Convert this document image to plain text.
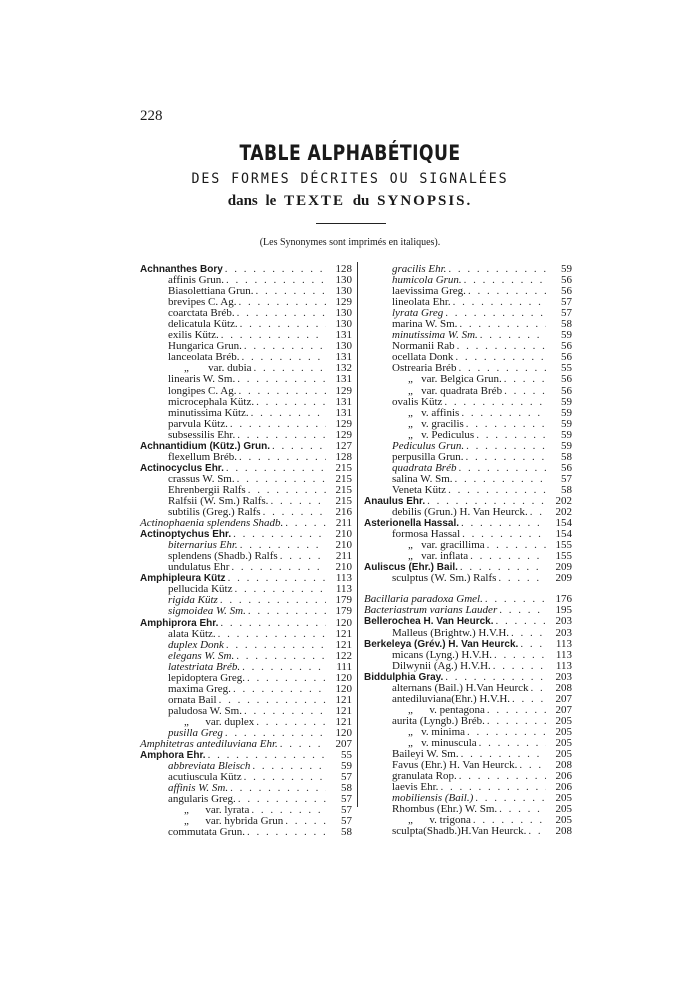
228
TABLE ALPHABÉTIQUE
DES FORMES DÉCRITES OU SIGNALÉES
dans le TEXTE du SYNOPSIS.
(Les Synonymes sont imprimés en italiques).
Achnanthes Bory . . .	128
affinis Grun. . . .	130
Biasolettiana Grun. . . .	130
brevipes C. Ag. . . .	129
coarctata Bréb. . . .	130
delicatula Kütz. . . .	130
exilis Kütz. . . .	131
Hungarica Grun. . . .	130
lanceolata Bréb. . . .	131
„       var. dubia . . .	132
linearis W. Sm. . . .	131
longipes C. Ag. . . .	129
microcephala Kütz. . . .	131
minutissima Kütz. . . .	131
parvula Kütz. . . .	129
subsessilis Ehr. . . .	129
Achnantidium (Kütz.) Grun. . . .	127
flexellum Bréb. . . .	128
Actinocyclus Ehr. . . .	215
crassus W. Sm. . . .	215
Ehrenbergii Ralfs . . .	215
Ralfsii (W. Sm.) Ralfs. . . .	215
subtilis (Greg.) Ralfs . . .	216
Actinophaenia splendens Shadb. . . .	211
Actinoptychus Ehr. . . .	210
biternarius Ehr. . . .	210
splendens (Shadb.) Ralfs . . .	211
undulatus Ehr . . .	210
Amphipleura Kütz . . .	113
pellucida Kütz . . .	113
rigida Kütz . . .	179
sigmoidea W. Sm. . . .	179
Amphiprora Ehr. . . .	120
alata Kütz. . . .	121
duplex Donk . . .	121
elegans W. Sm. . . .	122
latestriata Bréb. . . .	111
lepidoptera Greg. . . .	120
maxima Greg. . . .	120
ornata Bail . . .	121
paludosa W. Sm. . . .	121
„      var. duplex . . .	121
pusilla Greg . . .	120
Amphitetras antediluviana Ehr. . . .	207
Amphora Ehr. . . .	55
abbreviata Bleisch . . .	59
acutiuscula Kütz . . .	57
affinis W. Sm. . . .	58
angularis Greg. . . .	57
„      var. lyrata . . .	57
„      var. hybrida Grun . . .	57
commutata Grun. . . .	58
gracilis Ehr. . . .	59
humicola Grun. . . .	56
laevissima Greg. . . .	56
lineolata Ehr. . . .	57
lyrata Greg . . .	57
marina W. Sm. . . .	58
minutissima W. Sm. . . .	59
Normanii Rab . . .	56
ocellata Donk . . .	56
Ostrearia Bréb . . .	55
„   var. Belgica Grun. . . .	56
„   var. quadrata Bréb . . .	56
ovalis Kütz . . .	59
„   v. affinis . . .	59
„   v. gracilis . . .	59
„   v. Pediculus . . .	59
Pediculus Grun. . . .	59
perpusilla Grun. . . .	58
quadrata Bréb . . .	56
salina W. Sm. . . .	57
Veneta Kütz . . .	58
Anaulus Ehr. . . .	202
debilis (Grun.) H. Van Heurck. . . .	202
Asterionella Hassal. . . .	154
formosa Hassal . . .	154
„   var. gracillima . . .	155
„   var. inflata . . .	155
Auliscus (Ehr.) Bail. . . .	209
sculptus (W. Sm.) Ralfs . . .	209
Bacillaria paradoxa Gmel. . . .	176
Bacteriastrum varians Lauder . . .	195
Bellerochea H. Van Heurck. . . .	203
Malleus (Brightw.) H.V.H. . . .	203
Berkeleya (Grév.) H. Van Heurck. . . .	113
micans (Lyng.) H.V.H. . . .	113
Dilwynii (Ag.) H.V.H. . . .	113
Biddulphia Gray. . . .	203
alternans (Bail.) H.Van Heurck . . .	208
antediluviana(Ehr.) H.V.H. . . .	207
„      v. pentagona . . .	207
aurita (Lyngb.) Bréb. . . .	205
„   v. minima . . .	205
„   v. minuscula . . .	205
Baileyi W. Sm. . . .	205
Favus (Ehr.) H. Van Heurck. . . .	208
granulata Rop. . . .	206
laevis Ehr. . . .	206
mobiliensis (Bail.) . . .	205
Rhombus (Ehr.) W. Sm. . . .	205
„      v. trigona . . .	205
sculpta(Shadb.)H.Van Heurck. . . .	208
